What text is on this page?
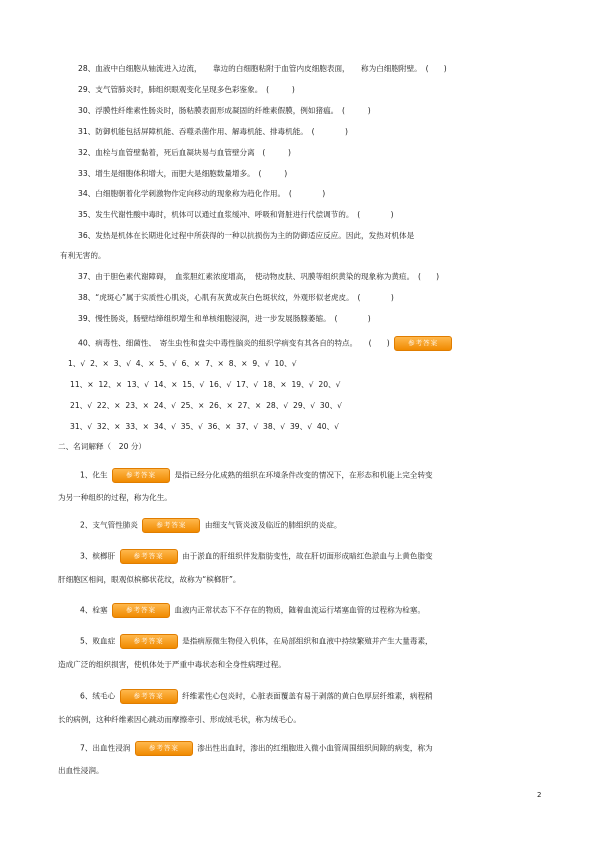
28、血液中白细胞从轴流进入边流，　　靠边的白细胞粘附于血管内皮细胞表面，　　称为白细胞附壁。　(　　)
29、支气管肺炎时，肺组织眼观变化呈现多色彩鉴象。　(　　　)
30、浮膜性纤维素性肠炎时，肠粘膜表面形成凝固的纤维素假膜，例如猪瘟。　(　　　)
31、防御机能包括屏障机能、吞噬杀菌作用、解毒机能、排毒机能。　(　　　　)
32、血栓与血管壁黏着，死后血凝块易与血管壁分离　(　　　)
33、增生是细胞体积增大，而肥大是细胞数量增多。　(　　　)
34、白细胞朝着化学刺激物作定向移动的现象称为趋化作用。　(　　　　)
35、发生代谢性酸中毒时，机体可以通过血浆缓冲、呼吸和肾脏进行代偿调节的。　(　　　　)
36、发热是机体在长期进化过程中所获得的一种以抗损伤为主的防御适应反应。因此，发热对机体是
有利无害的。
37、由于胆色素代谢障碍，　血浆胆红素浓度增高，　使动物皮肤、巩膜等组织黄染的现象称为黄疸。　(　　)
38、“虎斑心”属于实质性心肌炎，心肌有灰黄或灰白色斑状纹，外观形似老虎皮。　(　　　　)
39、慢性肠炎，肠壁结缔组织增生和单核细胞浸润，进一步发展肠腺萎缩。　(　　　　)
40、病毒性、细菌性、　寄生虫性和盘尖中毒性脑炎的组织学病变有其各自的特点。　　(　　)	参考答案
1、√  2、×  3、√  4、×  5、√  6、×  7、×  8、×  9、√  10、√
11、×  12、×  13、√  14、×  15、√  16、√  17、√  18、×  19、√  20、√
21、√  22、×  23、×  24、√  25、×  26、×  27、×  28、√  29、√  30、√
31、√  32、×  33、×  34、√  35、√  36、×  37、√  38、√  39、√  40、√
二、名词解释（　20 分）
1、化生	参考答案 是指已经分化成熟的组织在环境条件改变的情况下，在形态和机能上完全转变
为另一种组织的过程，称为化生。
2、支气管性肺炎	参考答案 由细支气管炎波及临近的肺组织的炎症。
3、槟榔肝	参考答案 由于淤血的肝组织伴发脂肪变性，故在肝切面形成暗红色淤血与上黄色脂变
肝细胞区相间，眼观似槟榔状花纹，故称为“槟榔肝”。
4、栓塞	参考答案 血液内正常状态下不存在的物质，随着血流运行堵塞血管的过程称为栓塞。
5、败血症	参考答案 是指病原微生物侵入机体，在局部组织和血液中持续繁殖并产生大量毒素，
造成广泛的组织损害，使机体处于严重中毒状态和全身性病理过程。
6、绒毛心	参考答案 纤维素性心包炎时，心脏表面覆盖有易于剥落的黄白色厚层纤维素，病程稍
长的病例，这种纤维素因心跳动而摩擦牵引、形成绒毛状，称为绒毛心。
7、出血性浸润	参考答案 渗出性出血时，渗出的红细胞进入微小血管周围组织间隙的病变，称为
出血性浸润。
2
